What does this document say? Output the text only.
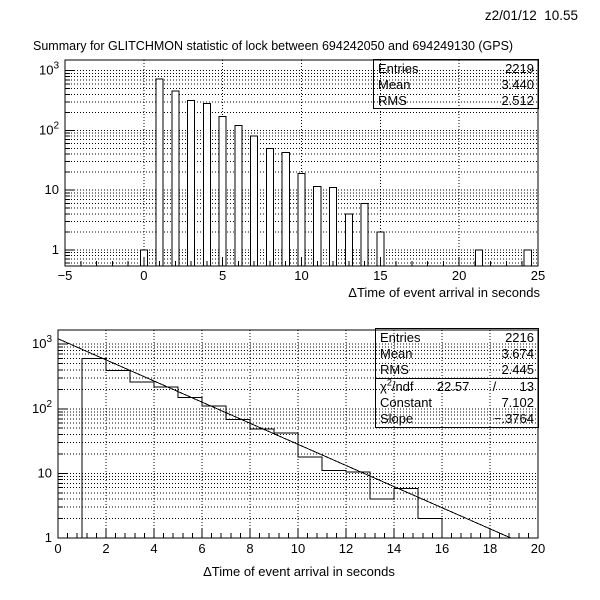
z2/01/12  10.55
Summary for GLITCHMON statistic of lock between 694242050 and 694249130 (GPS)
−5	0	5	10	15	20	25
1
10
$10^2$
$10^3$
0	2	4	6	8	10	12	14	16	18	20
1
10
$10^2$
$10^3$
Entries	2219
Mean	3.440
RMS	2.512
Entries	2216
Mean	3.674
RMS	2.445
$\chi^2$/ndf 22.57 / 13
Constant	7.102
Slope	−.3764
ΔTime of event arrival in seconds
ΔTime of event arrival in seconds
